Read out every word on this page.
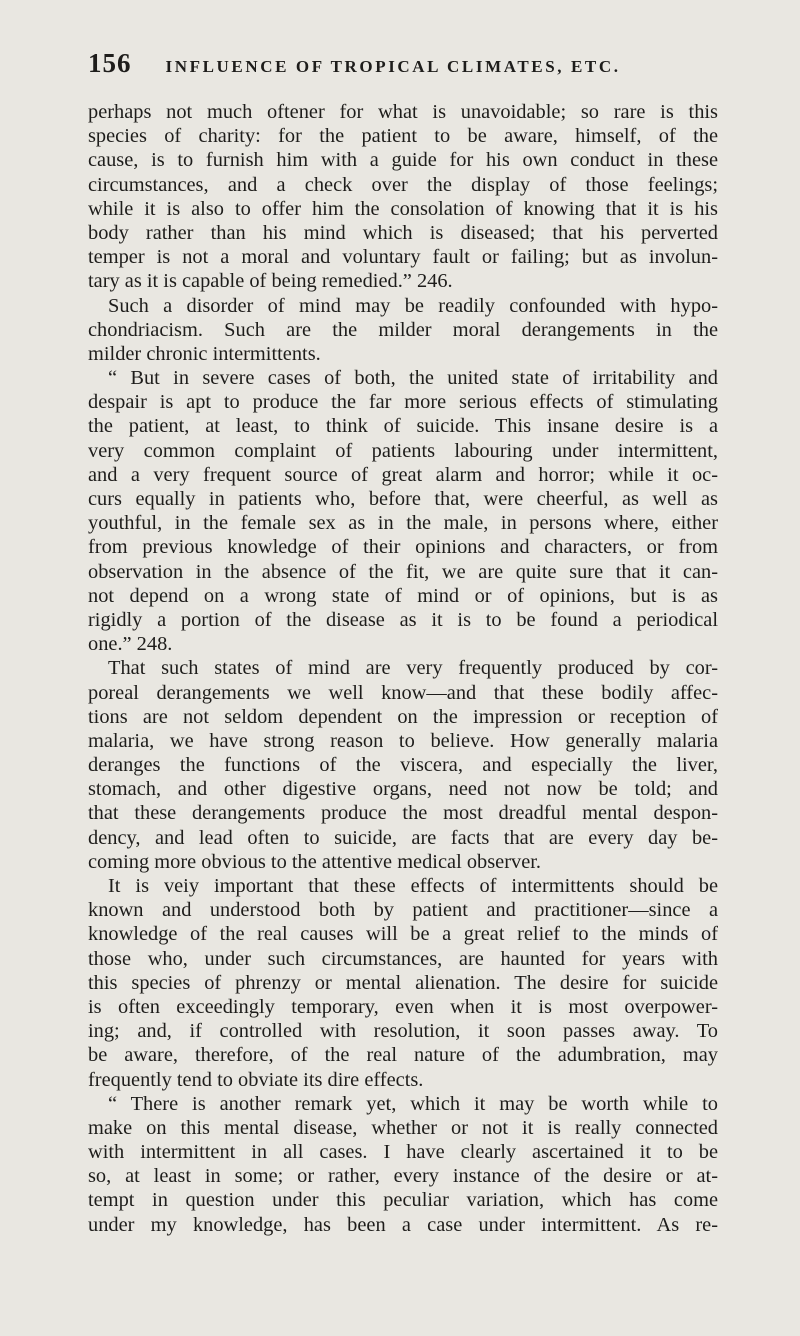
156 INFLUENCE OF TROPICAL CLIMATES, ETC.
perhaps not much oftener for what is unavoidable; so rare is this
species of charity: for the patient to be aware, himself, of the
cause, is to furnish him with a guide for his own conduct in these
circumstances, and a check over the display of those feelings;
while it is also to offer him the consolation of knowing that it is his
body rather than his mind which is diseased; that his perverted
temper is not a moral and voluntary fault or failing; but as involun-
tary as it is capable of being remedied.” 246.
Such a disorder of mind may be readily confounded with hypo-
chondriacism. Such are the milder moral derangements in the
milder chronic intermittents.
“ But in severe cases of both, the united state of irritability and
despair is apt to produce the far more serious effects of stimulating
the patient, at least, to think of suicide. This insane desire is a
very common complaint of patients labouring under intermittent,
and a very frequent source of great alarm and horror; while it oc-
curs equally in patients who, before that, were cheerful, as well as
youthful, in the female sex as in the male, in persons where, either
from previous knowledge of their opinions and characters, or from
observation in the absence of the fit, we are quite sure that it can-
not depend on a wrong state of mind or of opinions, but is as
rigidly a portion of the disease as it is to be found a periodical
one.” 248.
That such states of mind are very frequently produced by cor-
poreal derangements we well know—and that these bodily affec-
tions are not seldom dependent on the impression or reception of
malaria, we have strong reason to believe. How generally malaria
deranges the functions of the viscera, and especially the liver,
stomach, and other digestive organs, need not now be told; and
that these derangements produce the most dreadful mental despon-
dency, and lead often to suicide, are facts that are every day be-
coming more obvious to the attentive medical observer.
It is veiy important that these effects of intermittents should be
known and understood both by patient and practitioner—since a
knowledge of the real causes will be a great relief to the minds of
those who, under such circumstances, are haunted for years with
this species of phrenzy or mental alienation. The desire for suicide
is often exceedingly temporary, even when it is most overpower-
ing; and, if controlled with resolution, it soon passes away. To
be aware, therefore, of the real nature of the adumbration, may
frequently tend to obviate its dire effects.
“ There is another remark yet, which it may be worth while to
make on this mental disease, whether or not it is really connected
with intermittent in all cases. I have clearly ascertained it to be
so, at least in some; or rather, every instance of the desire or at-
tempt in question under this peculiar variation, which has come
under my knowledge, has been a case under intermittent. As re-
